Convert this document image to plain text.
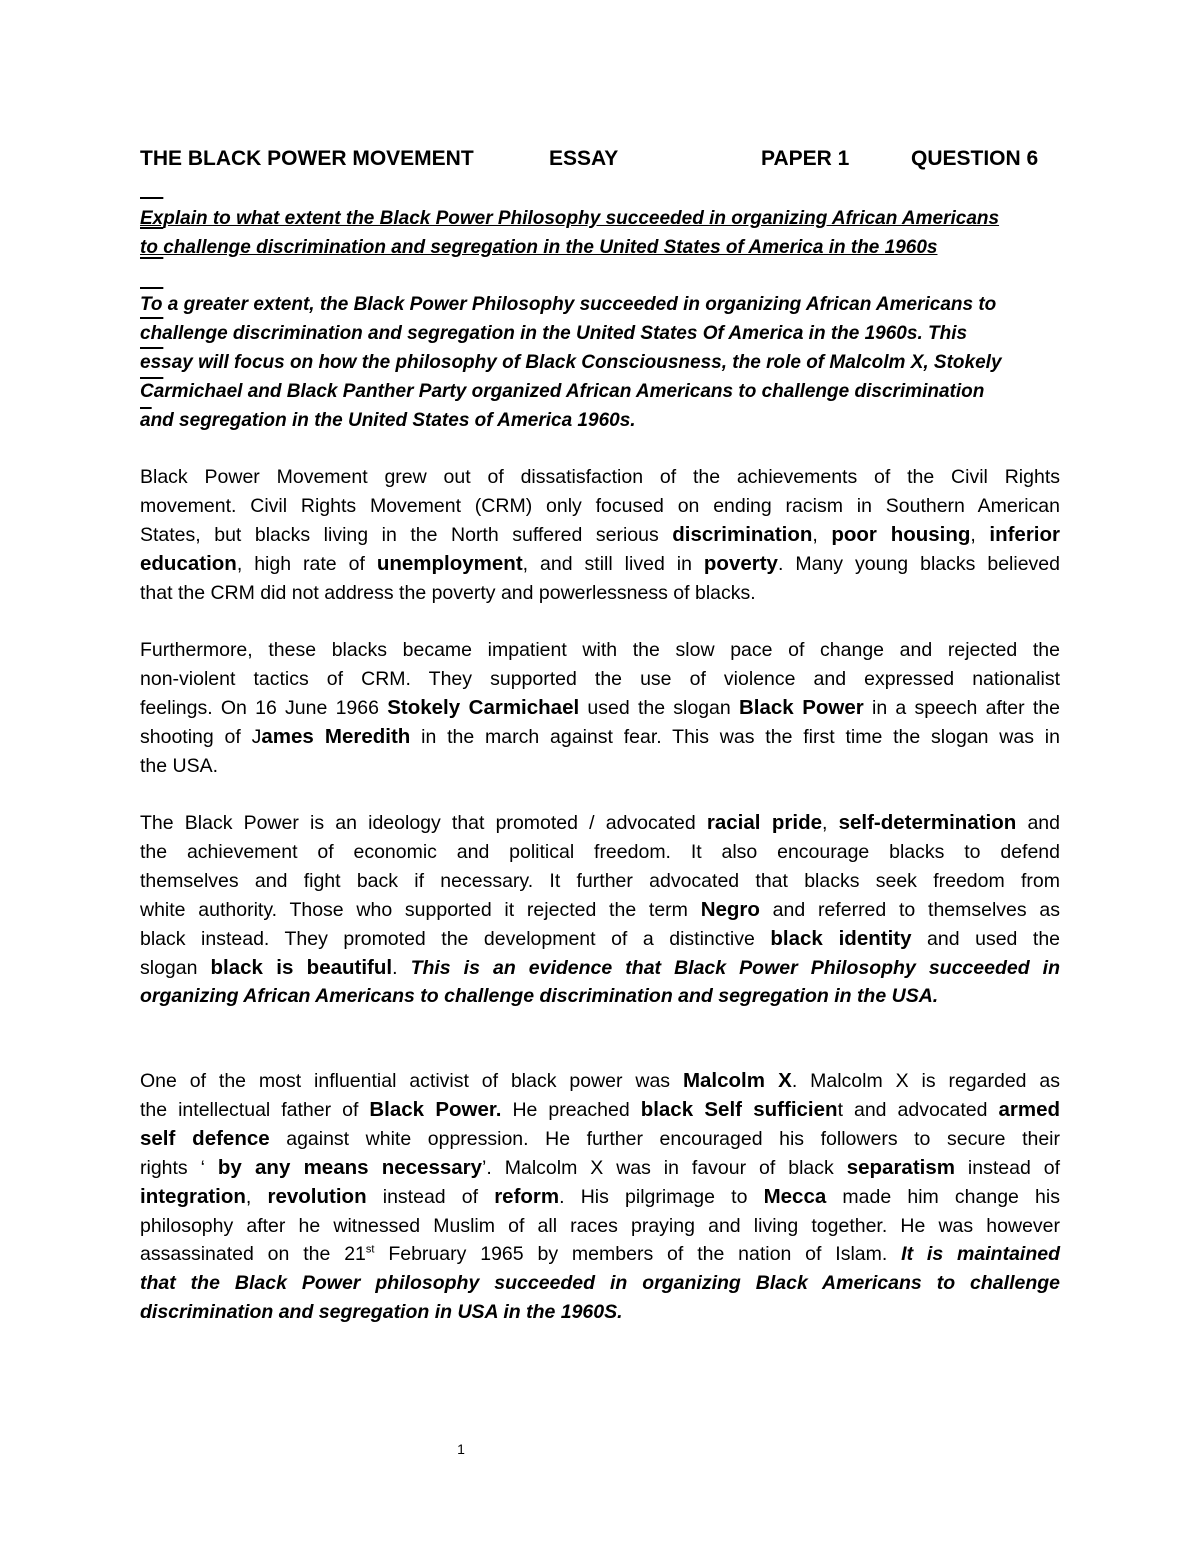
THE BLACK POWER MOVEMENT

	ESSAY

	PAPER 1

	QUESTION 6

Explain to what extent the Black Power Philosophy succeeded in organizing African Americans
to challenge discrimination and segregation in the United States of America in the 1960s
To a greater extent, the Black Power Philosophy succeeded in organizing African Americans to
challenge discrimination and segregation in the United States Of America in the 1960s. This
essay will focus on how the philosophy of Black Consciousness, the role of Malcolm X, Stokely
Carmichael and Black Panther Party organized African Americans to challenge discrimination
and segregation in the United States of America 1960s.
Black Power Movement grew out of dissatisfaction of the achievements of the Civil Rights
movement. Civil Rights Movement (CRM) only focused on ending racism in Southern American
States, but blacks living in the North suffered serious discrimination, poor housing, inferior
education, high rate of unemployment, and still lived in poverty. Many young blacks believed
that the CRM did not address the poverty and powerlessness of blacks.
Furthermore, these blacks became impatient with the slow pace of change and rejected the
non-violent tactics of CRM. They supported the use of violence and expressed nationalist
feelings. On 16 June 1966 Stokely Carmichael used the slogan Black Power in a speech after the
shooting of James Meredith in the march against fear. This was the first time the slogan was in
the USA.
The Black Power is an ideology that promoted / advocated racial pride, self-determination and
the achievement of economic and political freedom. It also encourage blacks to defend
themselves and fight back if necessary. It further advocated that blacks seek freedom from
white authority. Those who supported it rejected the term Negro and referred to themselves as
black instead. They promoted the development of a distinctive black identity and used the
slogan black is beautiful. This is an evidence that Black Power Philosophy succeeded in
organizing African Americans to challenge discrimination and segregation in the USA.
One of the most influential activist of black power was Malcolm X. Malcolm X is regarded as
the intellectual father of Black Power. He preached black Self sufficient and advocated armed
self defence against white oppression. He further encouraged his followers to secure their
rights ‘ by any means necessary’. Malcolm X was in favour of black separatism instead of
integration, revolution instead of reform. His pilgrimage to Mecca made him change his
philosophy after he witnessed Muslim of all races praying and living together. He was however
assassinated on the 21st February 1965 by members of the nation of Islam. It is maintained
that the Black Power philosophy succeeded in organizing Black Americans to challenge
discrimination and segregation in USA in the 1960S.
1
